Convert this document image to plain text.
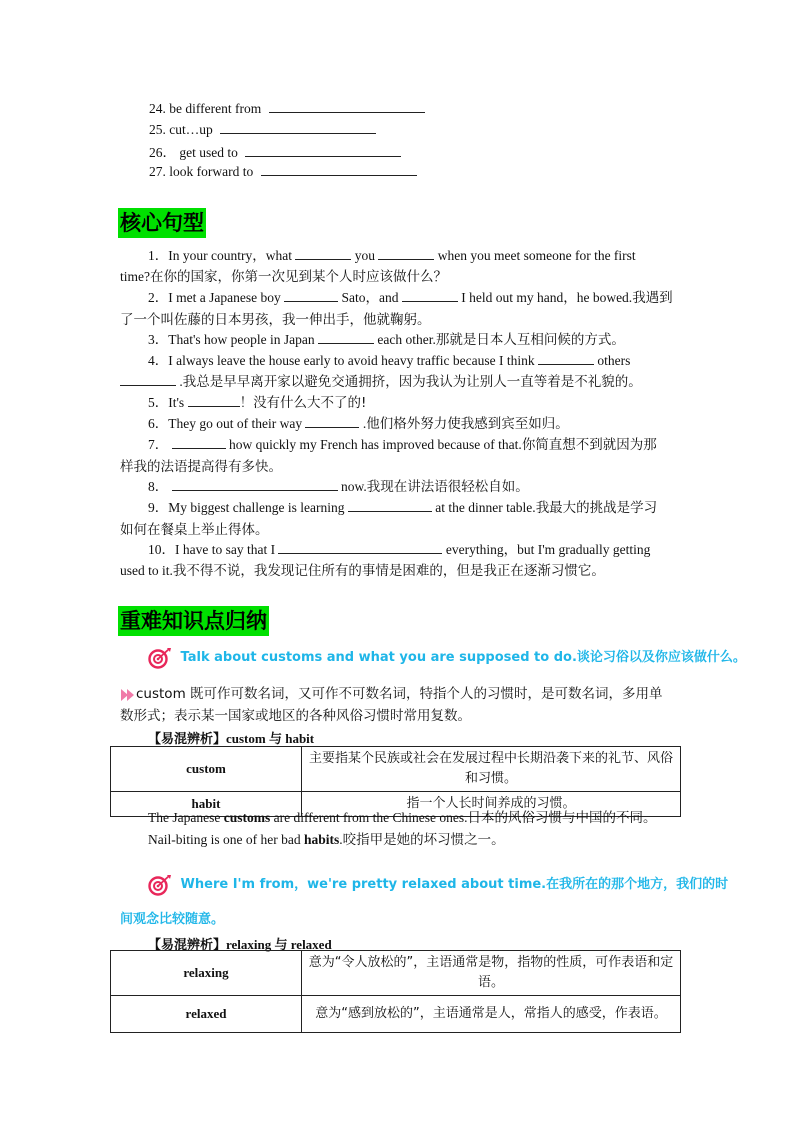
24. be different from
25. cut…up
26． get used to
27. look forward to
核心句型
1．In your country，what	you	when you meet someone for the first
time?在你的国家，你第一次见到某个人时应该做什么？
2．I met a Japanese boy	Sato，and	I held out my hand，he bowed.我遇到
了一个叫佐藤的日本男孩，我一伸出手，他就鞠躬。
3．That's how people in Japan	each other.那就是日本人互相问候的方式。
4．I always leave the house early to avoid heavy traffic because I think	others
.我总是早早离开家以避免交通拥挤，因为我认为让别人一直等着是不礼貌的。
5．It's	！没有什么大不了的!
6．They go out of their way	.他们格外努力使我感到宾至如归。
7．	how quickly my French has improved because of that.你简直想不到就因为那
样我的法语提高得有多快。
8．	now.我现在讲法语很轻松自如。
9．My biggest challenge is learning	at the dinner table.我最大的挑战是学习
如何在餐桌上举止得体。
10．I have to say that I	everything，but I'm gradually getting
used to it.我不得不说，我发现记住所有的事情是困难的，但是我正在逐渐习惯它。
重难知识点归纳
Talk about customs and what you are supposed to do.谈论习俗以及你应该做什么。
custom 既可作可数名词，又可作不可数名词，特指个人的习惯时，是可数名词，多用单
数形式；表示某一国家或地区的各种风俗习惯时常用复数。
【易混辨析】custom 与 habit
custom	主要指某个民族或社会在发展过程中长期沿袭下来的礼节、风俗和习惯。
habit	指一个人长时间养成的习惯。
The Japanese customs are different from the Chinese ones.日本的风俗习惯与中国的不同。
Nail-biting is one of her bad habits.咬指甲是她的坏习惯之一。
Where I'm from，we're pretty relaxed about time.在我所在的那个地方，我们的时
间观念比较随意。
【易混辨析】relaxing 与 relaxed
relaxing	意为“令人放松的”，主语通常是物，指物的性质，可作表语和定语。
relaxed	意为“感到放松的”，主语通常是人，常指人的感受，作表语。
